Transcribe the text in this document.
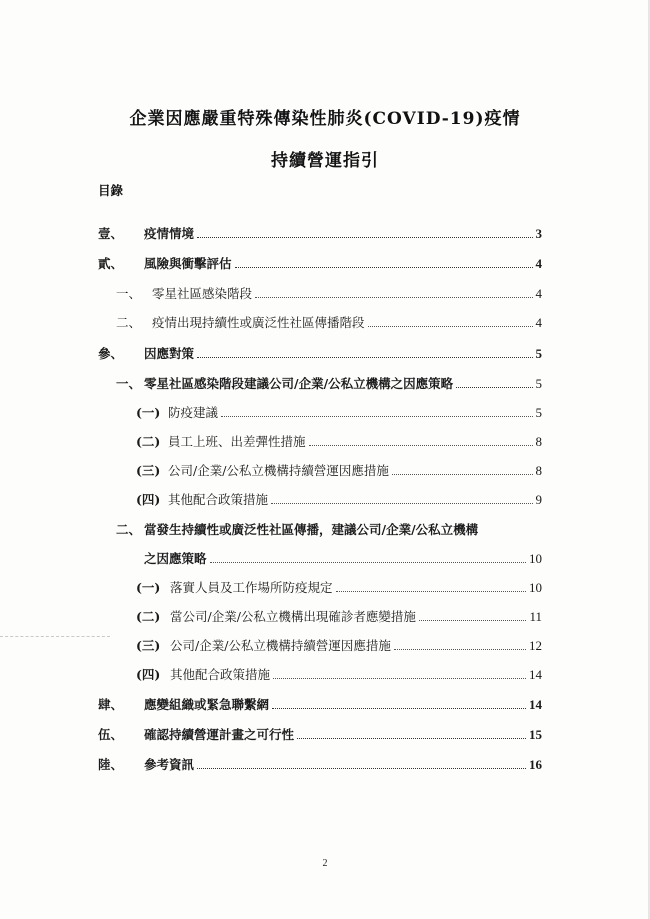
企業因應嚴重特殊傳染性肺炎(COVID-19)疫情
持續營運指引
目錄
壹、	疫情情境	3
貳、	風險與衝擊評估	4
一、 零星社區感染階段	4
二、 疫情出現持續性或廣泛性社區傳播階段	4
參、	因應對策	5
一、 零星社區感染階段建議公司/企業/公私立機構之因應策略	5
(一) 防疫建議	5
(二) 員工上班、出差彈性措施	8
(三) 公司/企業/公私立機構持續營運因應措施	8
(四) 其他配合政策措施	9
二、 當發生持續性或廣泛性社區傳播，建議公司/企業/公私立機構
之因應策略	10
(一) 落實人員及工作場所防疫規定	10
(二) 當公司/企業/公私立機構出現確診者應變措施	11
(三) 公司/企業/公私立機構持續營運因應措施	12
(四) 其他配合政策措施	14
肆、	應變組織或緊急聯繫網	14
伍、	確認持續營運計畫之可行性	15
陸、	參考資訊	16
2
